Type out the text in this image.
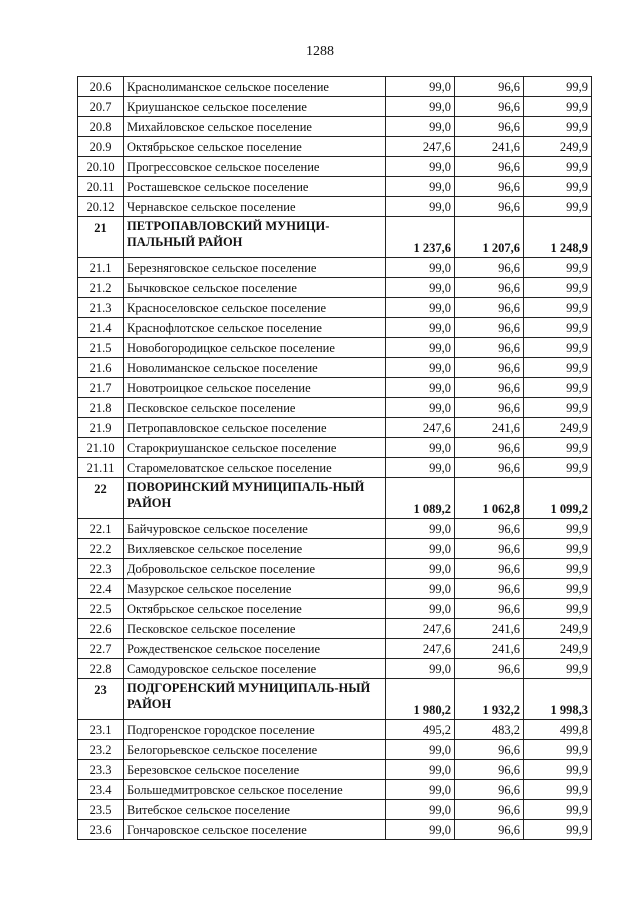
1288
20.6	Краснолиманское сельское поселение	99,0	96,6	99,9
20.7	Криушанское сельское поселение	99,0	96,6	99,9
20.8	Михайловское сельское поселение	99,0	96,6	99,9
20.9	Октябрьское сельское поселение	247,6	241,6	249,9
20.10	Прогрессовское сельское поселение	99,0	96,6	99,9
20.11	Росташевское сельское поселение	99,0	96,6	99,9
20.12	Чернавское сельское поселение	99,0	96,6	99,9
21	ПЕТРОПАВЛОВСКИЙ МУНИЦИ-ПАЛЬНЫЙ РАЙОН	1 237,6	1 207,6	1 248,9
21.1	Березняговское сельское поселение	99,0	96,6	99,9
21.2	Бычковское сельское поселение	99,0	96,6	99,9
21.3	Красноселовское сельское поселение	99,0	96,6	99,9
21.4	Краснофлотское сельское поселение	99,0	96,6	99,9
21.5	Новобогородицкое сельское поселение	99,0	96,6	99,9
21.6	Новолиманское сельское поселение	99,0	96,6	99,9
21.7	Новотроицкое сельское поселение	99,0	96,6	99,9
21.8	Песковское сельское поселение	99,0	96,6	99,9
21.9	Петропавловское сельское поселение	247,6	241,6	249,9
21.10	Старокриушанское сельское поселение	99,0	96,6	99,9
21.11	Старомеловатское сельское поселение	99,0	96,6	99,9
22	ПОВОРИНСКИЙ МУНИЦИПАЛЬ-НЫЙ РАЙОН	1 089,2	1 062,8	1 099,2
22.1	Байчуровское сельское поселение	99,0	96,6	99,9
22.2	Вихляевское сельское поселение	99,0	96,6	99,9
22.3	Добровольское сельское поселение	99,0	96,6	99,9
22.4	Мазурское сельское поселение	99,0	96,6	99,9
22.5	Октябрьское сельское поселение	99,0	96,6	99,9
22.6	Песковское сельское поселение	247,6	241,6	249,9
22.7	Рождественское сельское поселение	247,6	241,6	249,9
22.8	Самодуровское сельское поселение	99,0	96,6	99,9
23	ПОДГОРЕНСКИЙ МУНИЦИПАЛЬ-НЫЙ РАЙОН	1 980,2	1 932,2	1 998,3
23.1	Подгоренское городское поселение	495,2	483,2	499,8
23.2	Белогорьевское сельское поселение	99,0	96,6	99,9
23.3	Березовское сельское поселение	99,0	96,6	99,9
23.4	Большедмитровское сельское поселение	99,0	96,6	99,9
23.5	Витебское сельское поселение	99,0	96,6	99,9
23.6	Гончаровское сельское поселение	99,0	96,6	99,9
